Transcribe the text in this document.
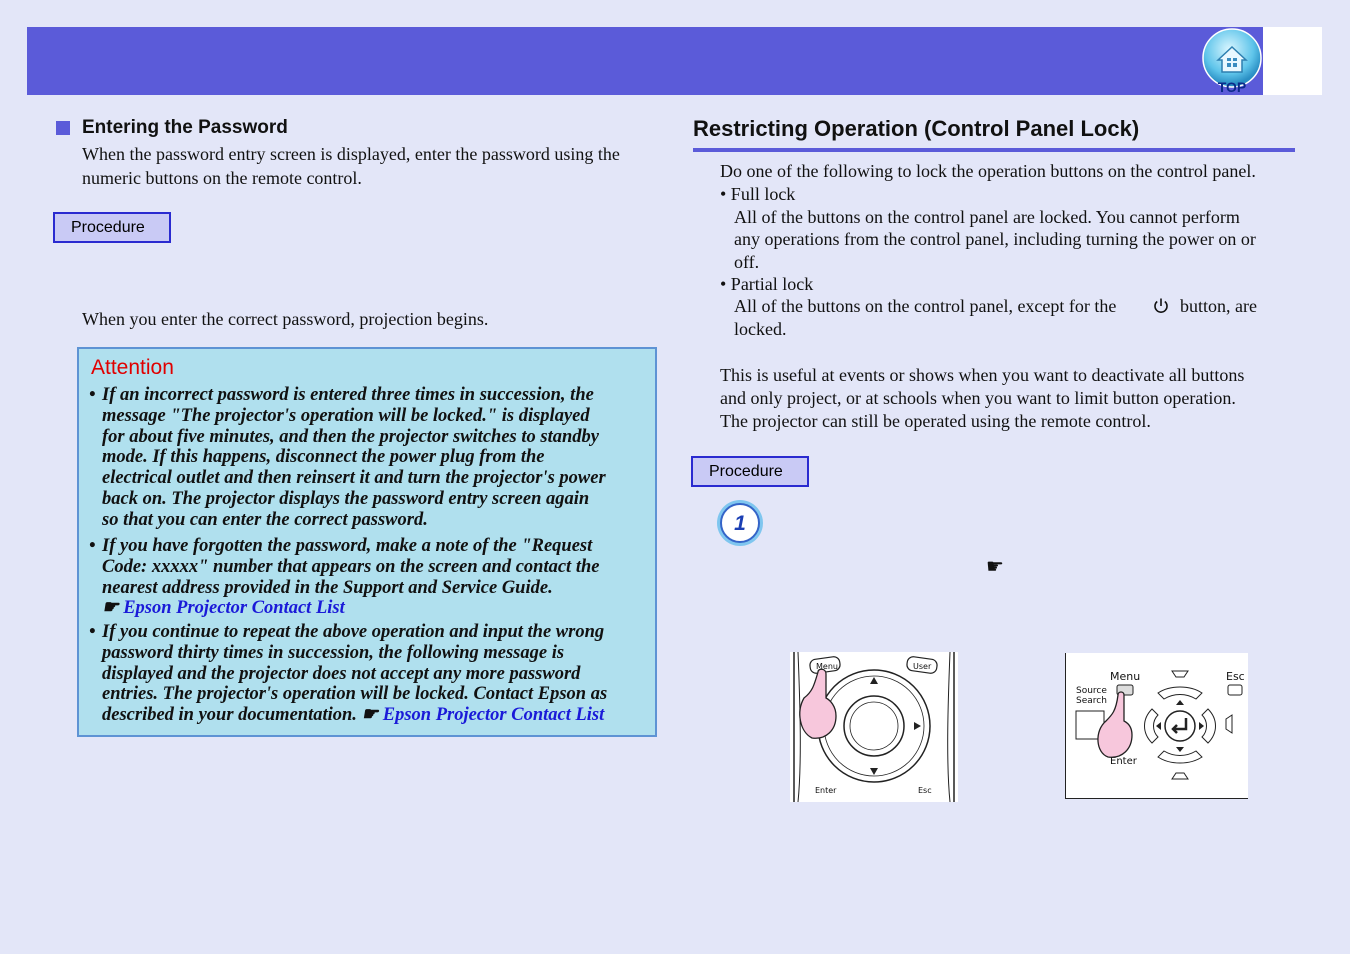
TOP
Entering the Password
When the password entry screen is displayed, enter the password using the
numeric buttons on the remote control.
Procedure
When you enter the correct password, projection begins.
Attention
• If an incorrect password is entered three times in succession, the
message "The projector's operation will be locked." is displayed
for about five minutes, and then the projector switches to standby
mode. If this happens, disconnect the power plug from the
electrical outlet and then reinsert it and turn the projector's power
back on. The projector displays the password entry screen again
so that you can enter the correct password.
• If you have forgotten the password, make a note of the "Request
Code: xxxxx" number that appears on the screen and contact the
nearest address provided in the Support and Service Guide.
☛ Epson Projector Contact List
• If you continue to repeat the above operation and input the wrong
password thirty times in succession, the following message is
displayed and the projector does not accept any more password
entries. The projector's operation will be locked. Contact Epson as
described in your documentation. ☛ Epson Projector Contact List
Restricting Operation (Control Panel Lock)
Do one of the following to lock the operation buttons on the control panel.
• Full lock
All of the buttons on the control panel are locked. You cannot perform
any operations from the control panel, including turning the power on or
off.
• Partial lock
All of the buttons on the control panel, except for the	button, are
locked.
This is useful at events or shows when you want to deactivate all buttons
and only project, or at schools when you want to limit button operation.
The projector can still be operated using the remote control.
Procedure
1
☛
Menu	User
Enter	Esc
Menu	Esc
Source
Search
Enter
